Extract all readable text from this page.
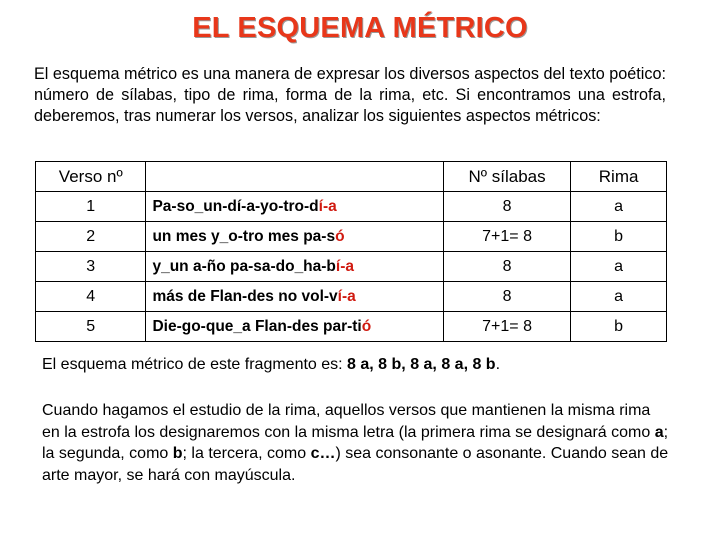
EL ESQUEMA MÉTRICO
El esquema métrico es una manera de expresar los diversos aspectos del texto poético: número de sílabas, tipo de rima, forma de la rima, etc. Si encontramos una estrofa, deberemos, tras numerar los versos, analizar los siguientes aspectos métricos:
Verso nº		Nº sílabas	Rima
1	Pa-so_un-dí-a-yo-tro-dí-a	8	a
2	un mes y_o-tro mes pa-só	7+1= 8	b
3	y_un a-ño pa-sa-do_ha-bí-a	8	a
4	más de Flan-des no vol-ví-a	8	a
5	Die-go-que_a Flan-des par-tió	7+1= 8	b
El esquema métrico de este fragmento es: 8 a, 8 b, 8 a, 8 a, 8 b.
Cuando hagamos el estudio de la rima, aquellos versos que mantienen la misma rima en la estrofa los designaremos con la misma letra (la primera rima se designará como a; la segunda, como b; la tercera, como c…) sea consonante o asonante. Cuando sean de arte mayor, se hará con mayúscula.
